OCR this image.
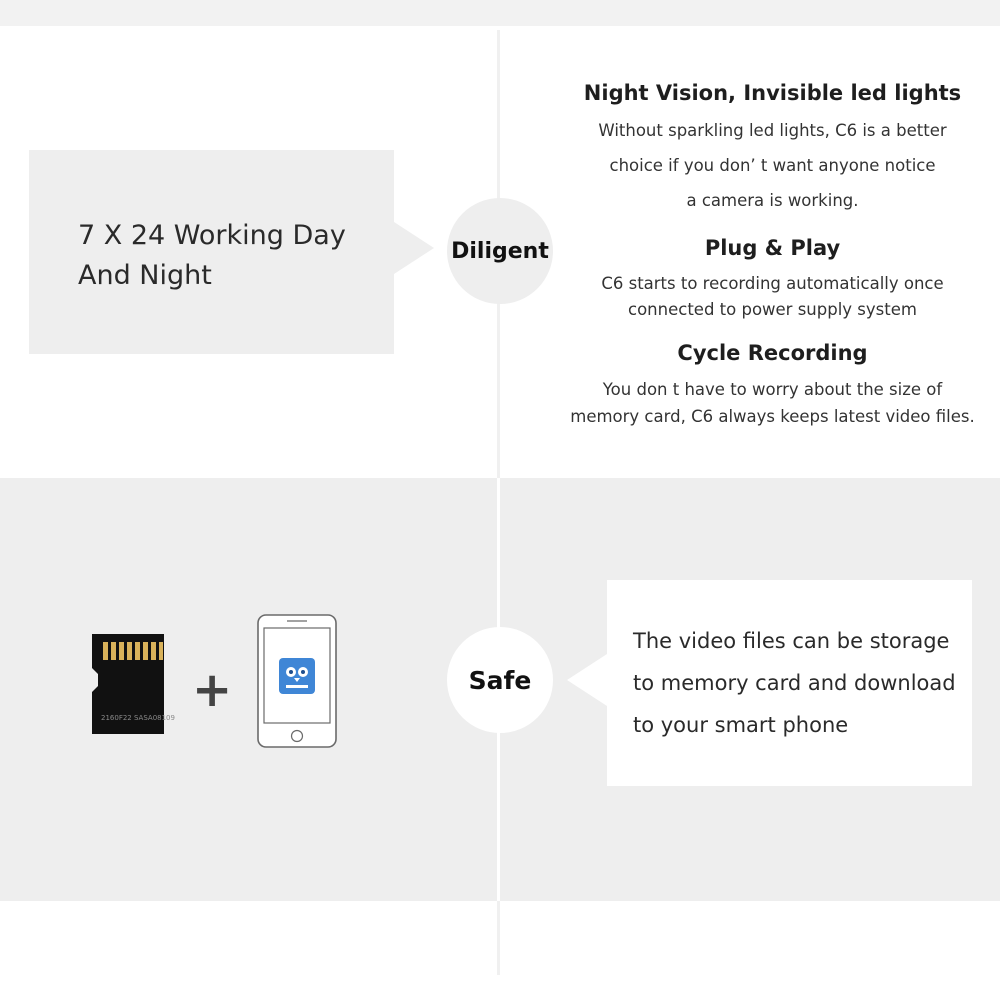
7 X 24 Working Day
And Night
Diligent
Night Vision, Invisible led lights

Without sparkling led lights, C6 is a better

choice if you don’ t want anyone notice

a camera is working.

Plug & Play

C6 starts to recording automatically once

connected to power supply system

Cycle Recording

You don t have to worry about the size of

memory card, C6 always keeps latest video files.

2160F22 SASA08109 +	Safe
The video files can be storage
to memory card and download
to your smart phone
